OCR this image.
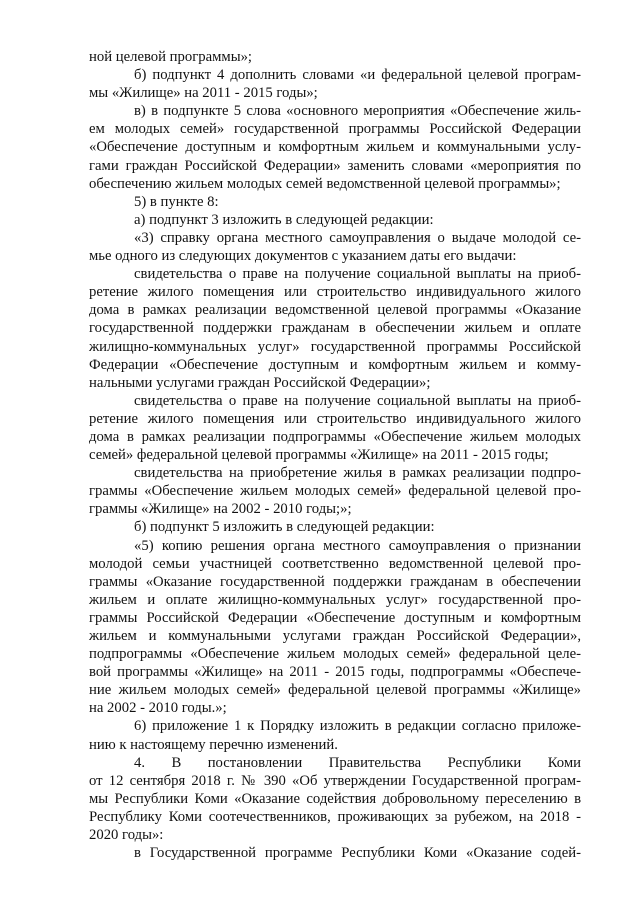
ной целевой программы»;
б) подпункт 4 дополнить словами «и федеральной целевой програм-
мы «Жилище» на 2011 - 2015 годы»;
в) в подпункте 5 слова «основного мероприятия «Обеспечение жиль-
ем молодых семей» государственной программы Российской Федерации
«Обеспечение доступным и комфортным жильем и коммунальными услу-
гами граждан Российской Федерации» заменить словами «мероприятия по
обеспечению жильем молодых семей ведомственной целевой программы»;
5) в пункте 8:
а) подпункт 3 изложить в следующей редакции:
«3) справку органа местного самоуправления о выдаче молодой се-
мье одного из следующих документов с указанием даты его выдачи:
свидетельства о праве на получение социальной выплаты на приоб-
ретение жилого помещения или строительство индивидуального жилого
дома в рамках реализации ведомственной целевой программы «Оказание
государственной поддержки гражданам в обеспечении жильем и оплате
жилищно-коммунальных услуг» государственной программы Российской
Федерации «Обеспечение доступным и комфортным жильем и комму-
нальными услугами граждан Российской Федерации»;
свидетельства о праве на получение социальной выплаты на приоб-
ретение жилого помещения или строительство индивидуального жилого
дома в рамках реализации подпрограммы «Обеспечение жильем молодых
семей» федеральной целевой программы «Жилище» на 2011 - 2015 годы;
свидетельства на приобретение жилья в рамках реализации подпро-
граммы «Обеспечение жильем молодых семей» федеральной целевой про-
граммы «Жилище» на 2002 - 2010 годы;»;
б) подпункт 5 изложить в следующей редакции:
«5) копию решения органа местного самоуправления о признании
молодой семьи участницей соответственно ведомственной целевой про-
граммы «Оказание государственной поддержки гражданам в обеспечении
жильем и оплате жилищно-коммунальных услуг» государственной про-
граммы Российской Федерации «Обеспечение доступным и комфортным
жильем и коммунальными услугами граждан Российской Федерации»,
подпрограммы «Обеспечение жильем молодых семей» федеральной целе-
вой программы «Жилище» на 2011 - 2015 годы, подпрограммы «Обеспече-
ние жильем молодых семей» федеральной целевой программы «Жилище»
на 2002 - 2010 годы.»;
6) приложение 1 к Порядку изложить в редакции согласно приложе-
нию к настоящему перечню изменений.
4. В постановлении Правительства Республики Коми
от 12 сентября 2018 г. № 390 «Об утверждении Государственной програм-
мы Республики Коми «Оказание содействия добровольному переселению в
Республику Коми соотечественников, проживающих за рубежом, на 2018 -
2020 годы»:
в Государственной программе Республики Коми «Оказание содей-
